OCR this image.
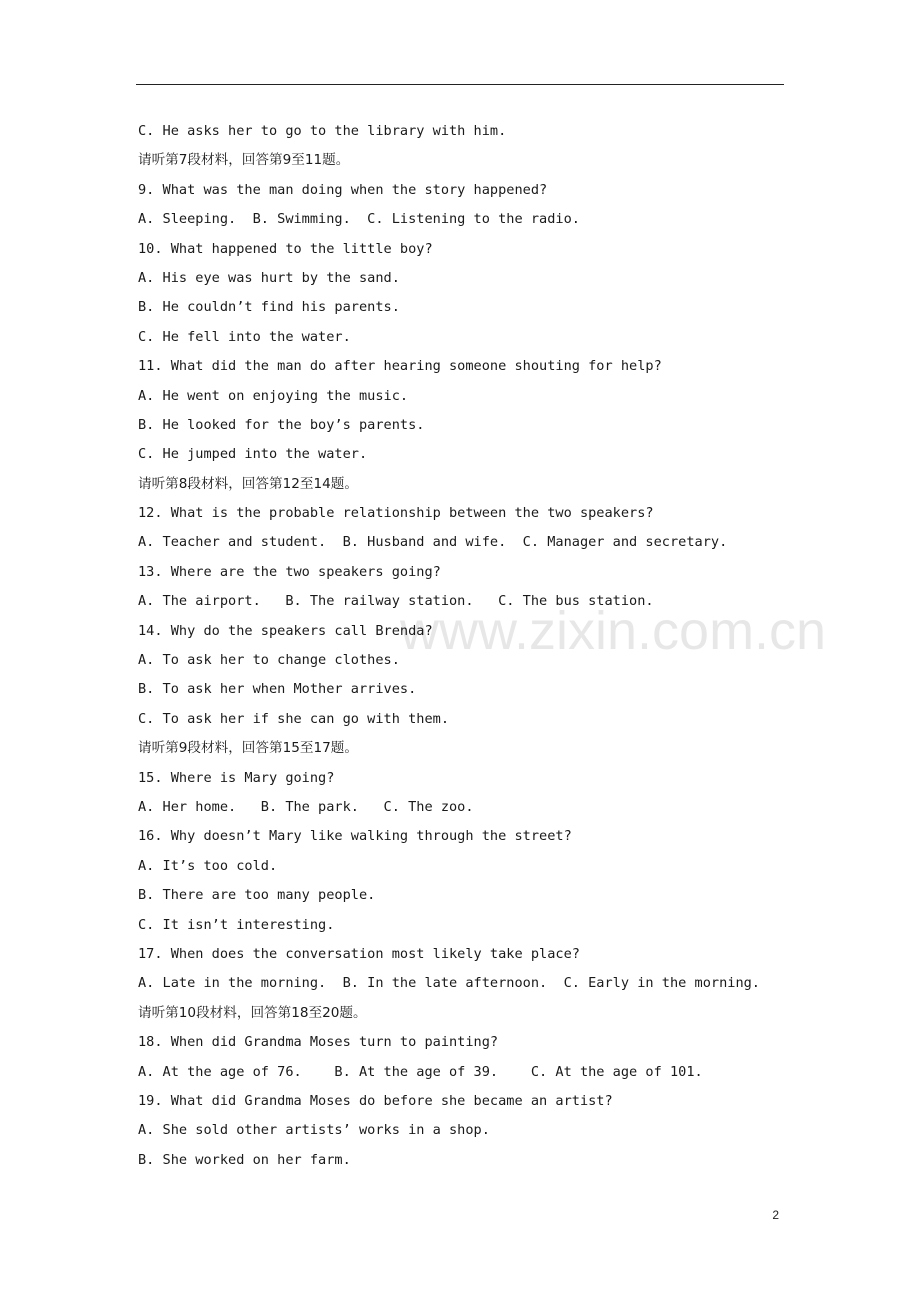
C. He asks her to go to the library with him.
请听第7段材料，回答第9至11题。
9. What was the man doing when the story happened?
A. Sleeping.  B. Swimming.  C. Listening to the radio.
10. What happened to the little boy?
A. His eye was hurt by the sand.
B. He couldn’t find his parents.
C. He fell into the water.
11. What did the man do after hearing someone shouting for help?
A. He went on enjoying the music.
B. He looked for the boy’s parents.
C. He jumped into the water.
请听第8段材料，回答第12至14题。
12. What is the probable relationship between the two speakers?
A. Teacher and student.  B. Husband and wife.  C. Manager and secretary.
13. Where are the two speakers going?
A. The airport.   B. The railway station.   C. The bus station.
14. Why do the speakers call Brenda?
A. To ask her to change clothes.
B. To ask her when Mother arrives.
C. To ask her if she can go with them.
请听第9段材料，回答第15至17题。
15. Where is Mary going?
A. Her home.   B. The park.   C. The zoo.
16. Why doesn’t Mary like walking through the street?
A. It’s too cold.
B. There are too many people.
C. It isn’t interesting.
17. When does the conversation most likely take place?
A. Late in the morning.  B. In the late afternoon.  C. Early in the morning.
请听第10段材料，回答第18至20题。
18. When did Grandma Moses turn to painting?
A. At the age of 76.    B. At the age of 39.    C. At the age of 101.
19. What did Grandma Moses do before she became an artist?
A. She sold other artists’ works in a shop.
B. She worked on her farm.
www.zixin.com.cn
2
